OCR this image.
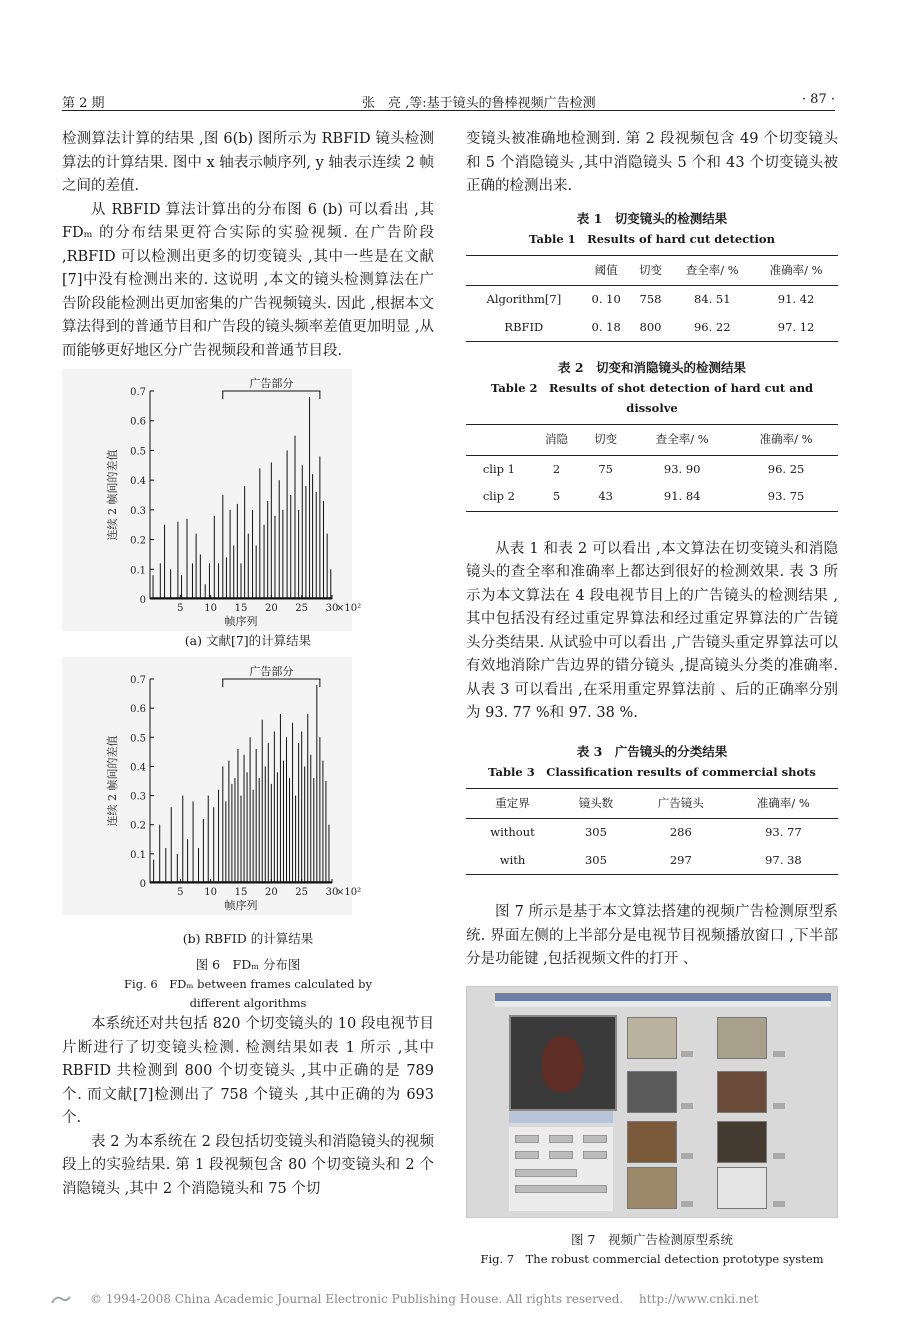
第 2 期	张　亮 ,等:基于镜头的鲁棒视频广告检测	· 87 ·

检测算法计算的结果 ,图 6(b) 图所示为 RBFID 镜头检测算法的计算结果. 图中 x 轴表示帧序列, y 轴表示连续 2 帧之间的差值.

从 RBFID 算法计算出的分布图 6 (b) 可以看出 ,其 FDₘ 的分布结果更符合实际的实验视频. 在广告阶段 ,RBFID 可以检测出更多的切变镜头 ,其中一些是在文献[7]中没有检测出来的. 这说明 ,本文的镜头检测算法在广告阶段能检测出更加密集的广告视频镜头. 因此 ,根据本文算法得到的普通节目和广告段的镜头频率差值更加明显 ,从而能够更好地区分广告视频段和普通节目段.

0
0.1
0.2
0.3
0.4
0.5
0.6
0.7
5 10 15 20 25 30
×10²
帧序列
连续 2 帧间的差值
广告部分
(a) 文献[7]的计算结果
0
0.1
0.2
0.3
0.4
0.5
0.6
0.7
5 10 15 20 25 30
×10²
帧序列
连续 2 帧间的差值
广告部分
(b) RBFID 的计算结果
图 6　FDₘ 分布图
Fig. 6　FDₘ between frames calculated by
different algorithms

本系统还对共包括 820 个切变镜头的 10 段电视节目片断进行了切变镜头检测. 检测结果如表 1 所示 ,其中 RBFID 共检测到 800 个切变镜头 ,其中正确的是 789 个. 而文献[7]检测出了 758 个镜头 ,其中正确的为 693 个.

表 2 为本系统在 2 段包括切变镜头和消隐镜头的视频段上的实验结果. 第 1 段视频包含 80 个切变镜头和 2 个消隐镜头 ,其中 2 个消隐镜头和 75 个切

变镜头被准确地检测到. 第 2 段视频包含 49 个切变镜头和 5 个消隐镜头 ,其中消隐镜头 5 个和 43 个切变镜头被正确的检测出来.

表 1　切变镜头的检测结果
Table 1　Results of hard cut detection
	阈值	切变	查全率/ %	准确率/ %
Algorithm[7]	0. 10	758	84. 51	91. 42
RBFID	0. 18	800	96. 22	97. 12
表 2　切变和消隐镜头的检测结果
Table 2　Results of shot detection of hard cut and dissolve
	消隐	切变	查全率/ %	准确率/ %
clip 1	2	75	93. 90	96. 25
clip 2	5	43	91. 84	93. 75

从表 1 和表 2 可以看出 ,本文算法在切变镜头和消隐镜头的查全率和准确率上都达到很好的检测效果. 表 3 所示为本文算法在 4 段电视节目上的广告镜头的检测结果 ,其中包括没有经过重定界算法和经过重定界算法的广告镜头分类结果. 从试验中可以看出 ,广告镜头重定界算法可以有效地消除广告边界的错分镜头 ,提高镜头分类的准确率. 从表 3 可以看出 ,在采用重定界算法前 、后的正确率分别为 93. 77 %和 97. 38 %.

表 3　广告镜头的分类结果
Table 3　Classification results of commercial shots
重定界	镜头数	广告镜头	准确率/ %
without	305	286	93. 77
with	305	297	97. 38

图 7 所示是基于本文算法搭建的视频广告检测原型系统. 界面左侧的上半部分是电视节目视频播放窗口 ,下半部分是功能键 ,包括视频文件的打开 、

图 7　视频广告检测原型系统
Fig. 7　The robust commercial detection prototype system
© 1994-2008 China Academic Journal Electronic Publishing House. All rights reserved.　 http://www.cnki.net
